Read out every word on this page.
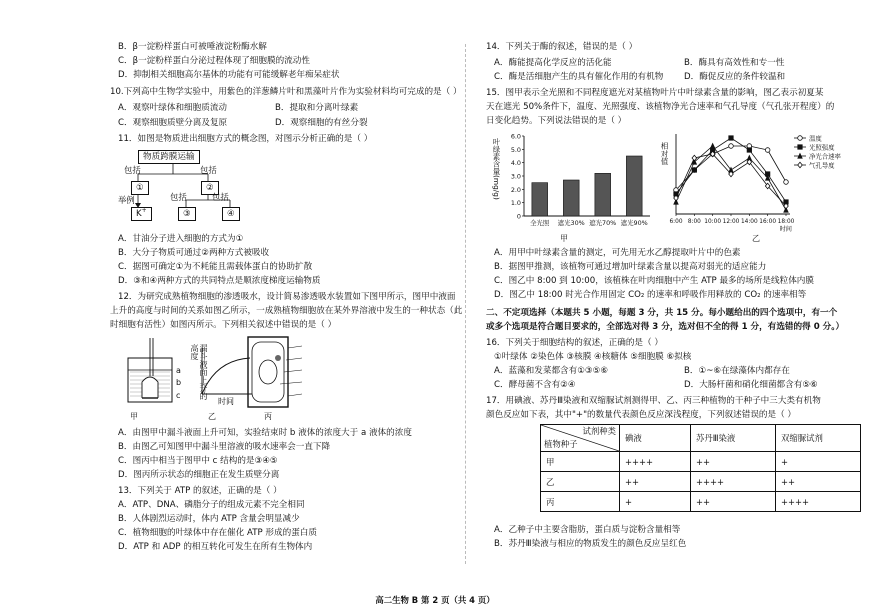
B．β一淀粉样蛋白可被唾液淀粉酶水解
C．β一淀粉样蛋白分泌过程体现了细胞膜的流动性
D．抑制相关细胞高尔基体的功能有可能缓解老年痴呆症状
10.下列高中生物学实验中，用紫色的洋葱鳞片叶和黑藻叶片作为实验材料均可完成的是（ ）
A．观察叶绿体和细胞质流动	B．提取和分离叶绿素
C．观察细胞质壁分离及复原	D．观察细胞的有丝分裂
11．如图是物质进出细胞方式的概念图，对图示分析正确的是（ ）
物质跨膜运输
包括	包括
①	②
举例	包括	包括
K+	③	④
A．甘油分子进入细胞的方式为①
B．大分子物质可通过②两种方式被吸收
C．据图可确定①为不耗能且需载体蛋白的协助扩散
D．③和④两种方式的共同特点是顺浓度梯度运输物质
12．为研究成熟植物细胞的渗透吸水，设计简易渗透吸水装置如下图甲所示，图甲中液面
上升的高度与时间的关系如图乙所示，一成熟植物细胞放在某外界溶液中发生的一种状态（此
时细胞有活性）如图丙所示。下列相关叙述中错误的是（ ）
a
b
c
甲
漏斗液面上升的高度
时间
乙	丙
A．由图甲中漏斗液面上升可知，实验结束时 b 液体的浓度大于 a 液体的浓度
B．由图乙可知图甲中漏斗里溶液的吸水速率会一直下降
C．图丙中相当于图甲中 c 结构的是③④⑤
D．图丙所示状态的细胞正在发生质壁分离
13．下列关于 ATP 的叙述，正确的是（ ）
A．ATP、DNA、磷脂分子的组成元素不完全相同
B．人体剧烈运动时，体内 ATP 含量会明显减少
C．植物细胞的叶绿体中存在催化 ATP 形成的蛋白质
D．ATP 和 ADP 的相互转化可发生在所有生物体内
14．下列关于酶的叙述，错误的是（ ）
A．酶能提高化学反应的活化能	B．酶具有高效性和专一性
C．酶是活细胞产生的具有催化作用的有机物 D．酶促反应的条件较温和
15．图甲表示全光照和不同程度遮光对某植物叶片中叶绿素含量的影响，图乙表示初夏某
天在遮光 50%条件下，温度、光照强度、该植物净光合速率和气孔导度（气孔张开程度）的
日变化趋势。下列说法错误的是（ ）
叶绿素含量(mg/g)
0
1.0
2.0
3.0
4.0
5.0
6.0
全光照 遮光30% 遮光70% 遮光90%
甲
相对值
6:00 8:00 10:00 12:00 14:00 16:00 18:00
时间
温度
光照强度
净光合速率
气孔导度
乙
A．用甲中叶绿素含量的测定，可先用无水乙醇提取叶片中的色素
B．据图甲推测，该植物可通过增加叶绿素含量以提高对弱光的适应能力
C．图乙中 8:00 到 10:00，该植株在叶肉细胞中产生 ATP 最多的场所是线粒体内膜
D．图乙中 18:00 时光合作用固定 CO₂ 的速率和呼吸作用释放的 CO₂ 的速率相等
二、不定项选择（本题共 5 小题，每题 3 分，共 15 分。每小题给出的四个选项中，有一个
或多个选项是符合题目要求的，全部选对得 3 分，选对但不全的得 1 分，有选错的得 0 分。）
16．下列关于细胞结构的叙述，正确的是（ ）
①叶绿体 ②染色体 ③核膜 ④核糖体 ⑤细胞膜 ⑥拟核
A．蓝藻和发菜都含有①③⑤⑥	B．①~⑥在绿藻体内都存在
C．酵母菌不含有②④	D．大肠杆菌和硝化细菌都含有⑤⑥
17．用碘液、苏丹Ⅲ染液和双缩脲试剂测得甲、乙、丙三种植物的干种子中三大类有机物
颜色反应如下表，其中"+"的数量代表颜色反应深浅程度，下列叙述错误的是（ ）
试剂种类
植物种子	碘液	苏丹Ⅲ染液	双缩脲试剂
甲	++++	++	+
乙	++	++++	++
丙	+	++	++++
A．乙种子中主要含脂肪，蛋白质与淀粉含量相等
B．苏丹Ⅲ染液与相应的物质发生的颜色反应呈红色
高二生物 B 第 2 页（共 4 页）
